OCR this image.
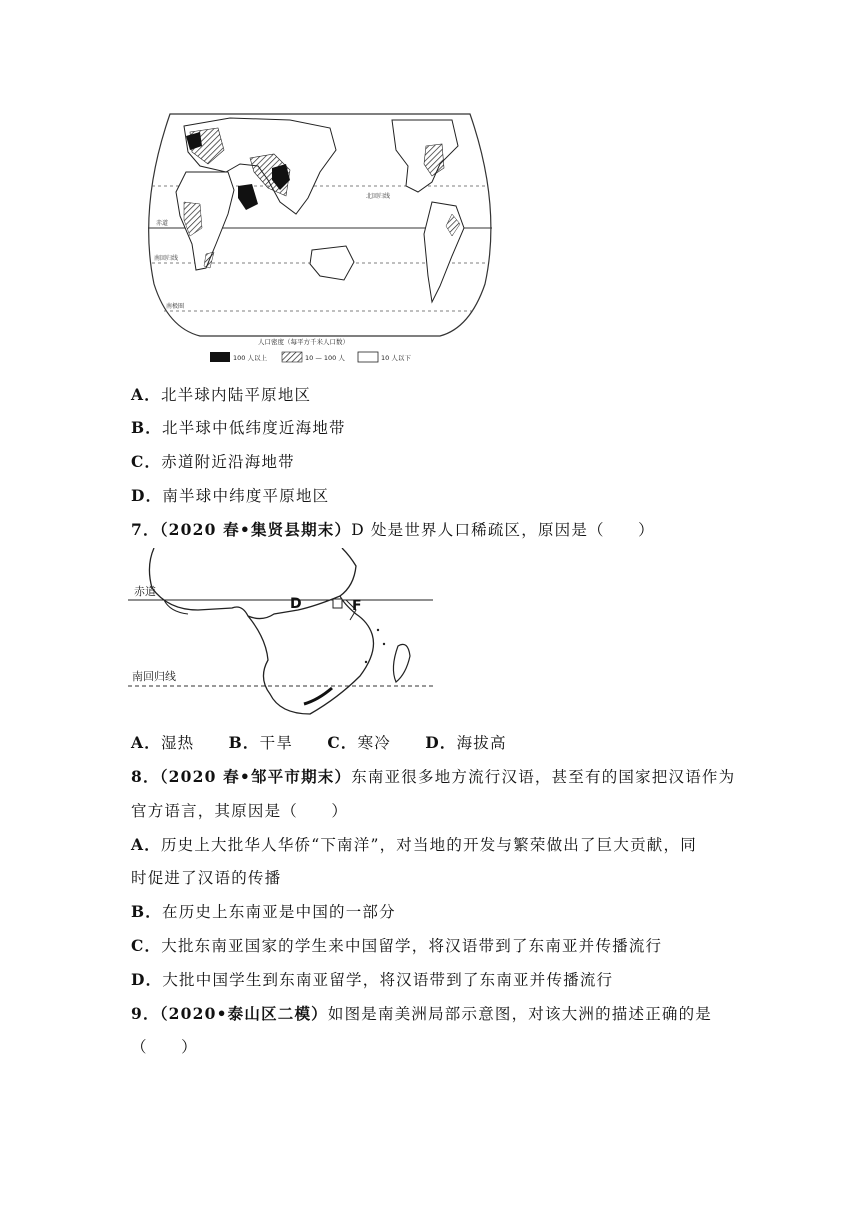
北回归线
赤道
南回归线
南极圈
人口密度（每平方千米人口数）
100 人以上	10 — 100 人	10 人以下
A．北半球内陆平原地区
B．北半球中低纬度近海地带
C．赤道附近沿海地带
D．南半球中纬度平原地区
7．（2020 春•集贤县期末）D 处是世界人口稀疏区，原因是（　　）
赤道
南回归线
D	F
A．湿热 B．干旱 C．寒冷 D．海拔高
8．（2020 春•邹平市期末）东南亚很多地方流行汉语，甚至有的国家把汉语作为
官方语言，其原因是（　　）
A．历史上大批华人华侨“下南洋”，对当地的开发与繁荣做出了巨大贡献，同
时促进了汉语的传播
B．在历史上东南亚是中国的一部分
C．大批东南亚国家的学生来中国留学，将汉语带到了东南亚并传播流行
D．大批中国学生到东南亚留学，将汉语带到了东南亚并传播流行
9．（2020•泰山区二模）如图是南美洲局部示意图，对该大洲的描述正确的是
（　　）
